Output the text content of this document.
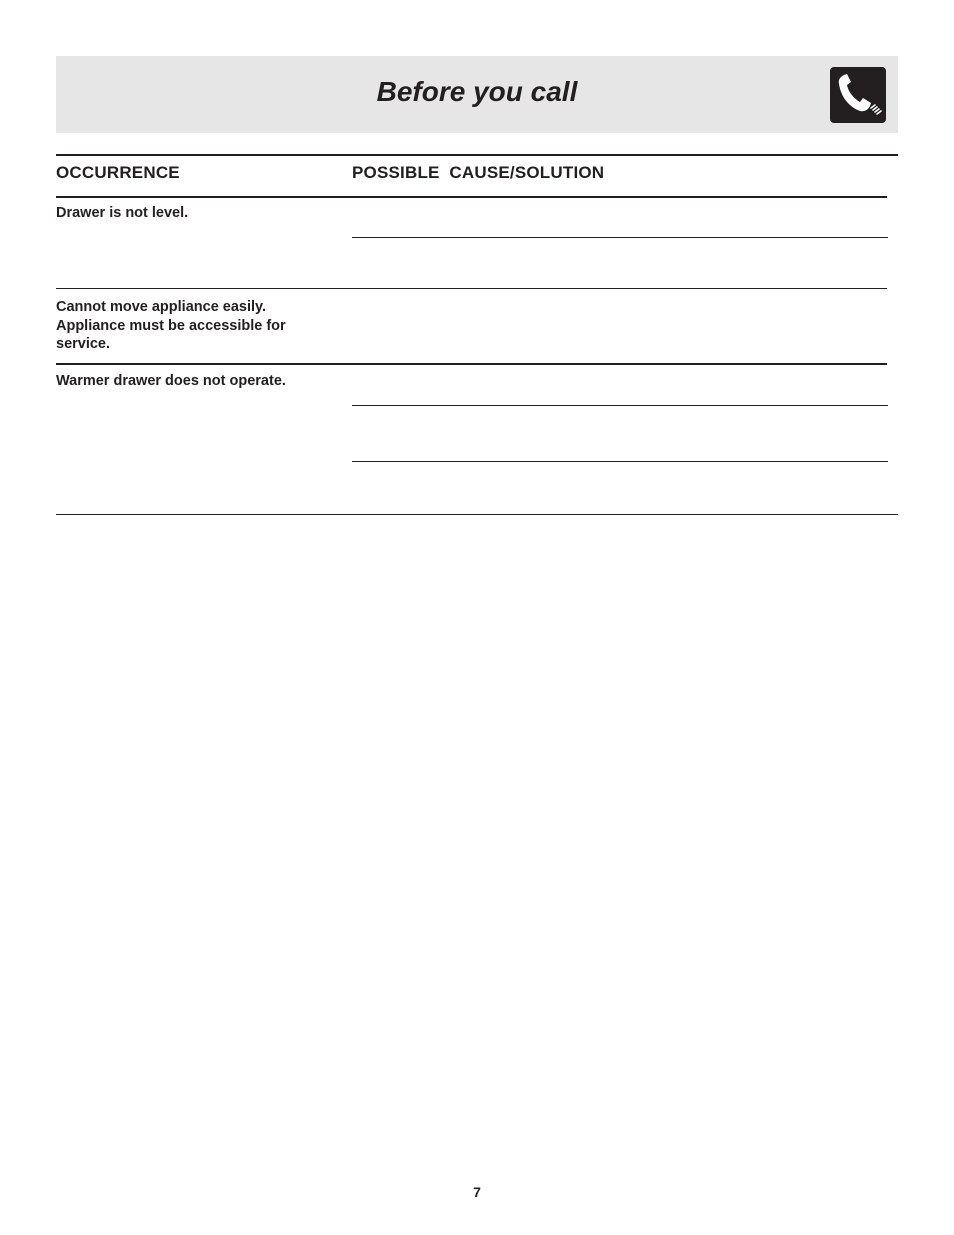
Before you call
OCCURRENCE	POSSIBLE  CAUSE/SOLUTION
Drawer is not level.
Cannot move appliance easily. Appliance must be accessible for service.
Warmer drawer does not operate.
7
